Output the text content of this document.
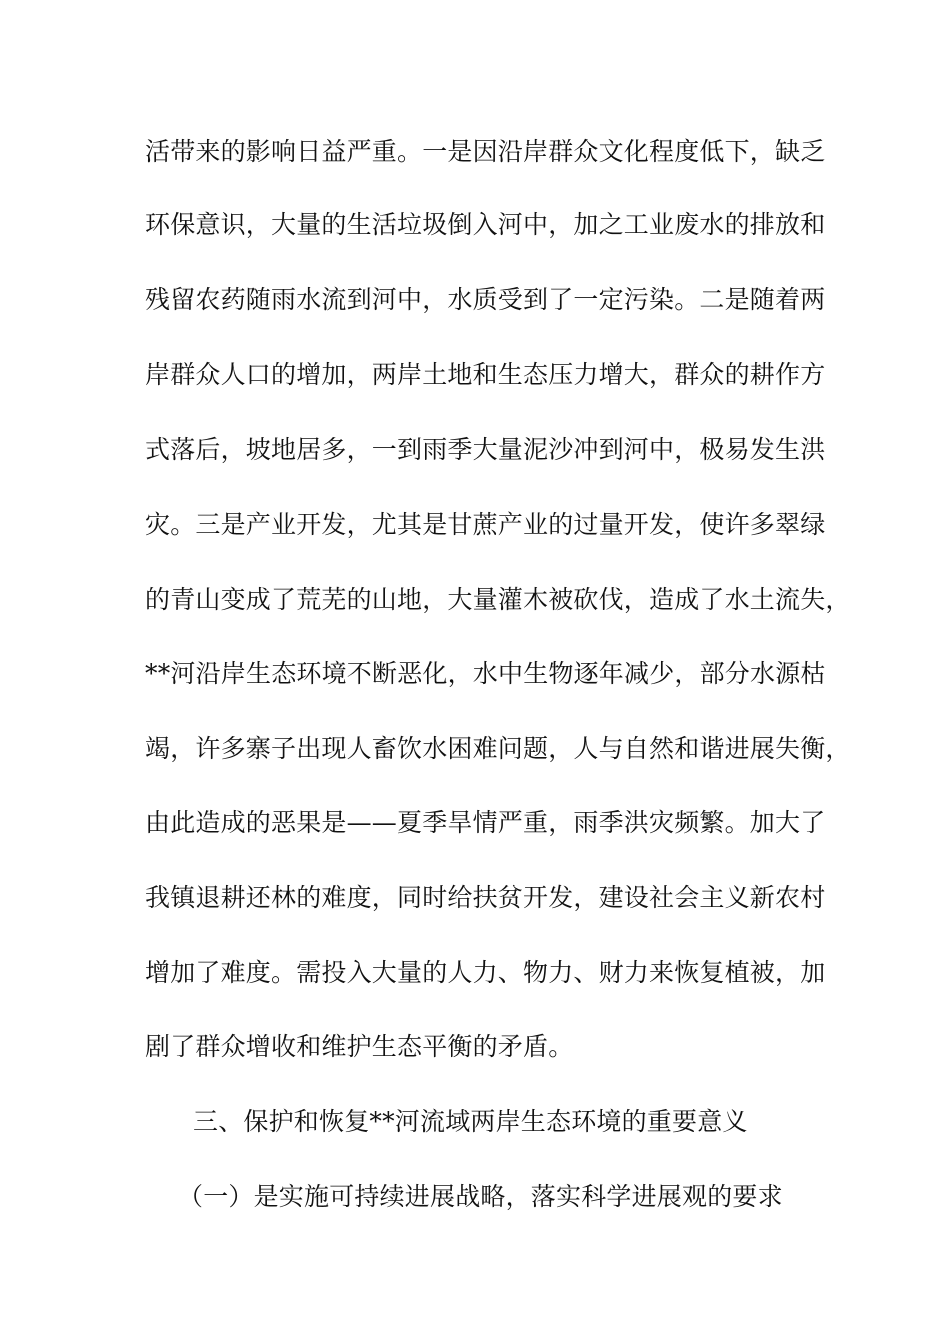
活带来的影响日益严重。一是因沿岸群众文化程度低下，缺乏
环保意识，大量的生活垃圾倒入河中，加之工业废水的排放和
残留农药随雨水流到河中，水质受到了一定污染。二是随着两
岸群众人口的增加，两岸土地和生态压力增大，群众的耕作方
式落后，坡地居多，一到雨季大量泥沙冲到河中，极易发生洪
灾。三是产业开发，尤其是甘蔗产业的过量开发，使许多翠绿
的青山变成了荒芜的山地，大量灌木被砍伐，造成了水土流失，
**河沿岸生态环境不断恶化，水中生物逐年减少，部分水源枯
竭，许多寨子出现人畜饮水困难问题，人与自然和谐进展失衡，
由此造成的恶果是——夏季旱情严重，雨季洪灾频繁。加大了
我镇退耕还林的难度，同时给扶贫开发，建设社会主义新农村
增加了难度。需投入大量的人力、物力、财力来恢复植被，加
剧了群众增收和维护生态平衡的矛盾。
三、保护和恢复**河流域两岸生态环境的重要意义
（一）是实施可持续进展战略，落实科学进展观的要求
